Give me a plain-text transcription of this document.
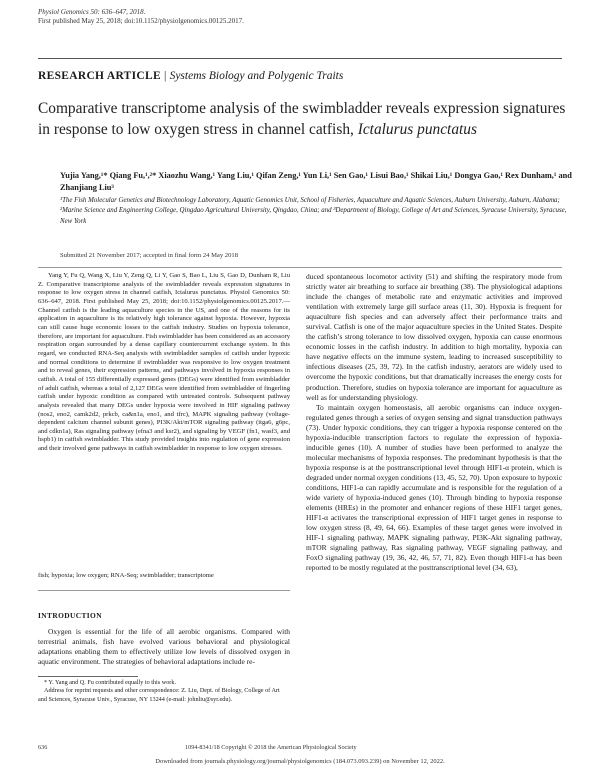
Physiol Genomics 50: 636–647, 2018.
First published May 25, 2018; doi:10.1152/physiolgenomics.00125.2017.
RESEARCH ARTICLE | Systems Biology and Polygenic Traits
Comparative transcriptome analysis of the swimbladder reveals expression signatures in response to low oxygen stress in channel catfish, Ictalurus punctatus
Yujia Yang,¹* Qiang Fu,¹,²* Xiaozhu Wang,¹ Yang Liu,¹ Qifan Zeng,¹ Yun Li,¹ Sen Gao,¹ Lisui Bao,¹ Shikai Liu,¹ Dongya Gao,¹ Rex Dunham,¹ and Zhanjiang Liu³
¹The Fish Molecular Genetics and Biotechnology Laboratory, Aquatic Genomics Unit, School of Fisheries, Aquaculture and Aquatic Sciences, Auburn University, Auburn, Alabama; ²Marine Science and Engineering College, Qingdao Agricultural University, Qingdao, China; and ³Department of Biology, College of Art and Sciences, Syracuse University, Syracuse, New York
Submitted 21 November 2017; accepted in final form 24 May 2018
Yang Y, Fu Q, Wang X, Liu Y, Zeng Q, Li Y, Gao S, Bao L, Liu S, Gao D, Dunham R, Liu Z. Comparative transcriptome analysis of the swimbladder reveals expression signatures in response to low oxygen stress in channel catfish, Ictalurus punctatus. Physiol Genomics 50: 636–647, 2018. First published May 25, 2018; doi:10.1152/physiolgenomics.00125.2017.—Channel catfish is the leading aquaculture species in the US, and one of the reasons for its application in aquaculture is its relatively high tolerance against hypoxia. However, hypoxia can still cause huge economic losses to the catfish industry. Studies on hypoxia tolerance, therefore, are important for aquaculture. Fish swimbladder has been considered as an accessory respiration organ surrounded by a dense capillary countercurrent exchange system. In this regard, we conducted RNA-Seq analysis with swimbladder samples of catfish under hypoxic and normal conditions to determine if swimbladder was responsive to low oxygen treatment and to reveal genes, their expression patterns, and pathways involved in hypoxia responses in catfish. A total of 155 differentially expressed genes (DEGs) were identified from swimbladder of adult catfish, whereas a total of 2,127 DEGs were identified from swimbladder of fingerling catfish under hypoxic condition as compared with untreated controls. Subsequent pathway analysis revealed that many DEGs under hypoxia were involved in HIF signaling pathway (nos2, eno2, camk2d2, prkcb, ca&n1a, eno1, and tfrc), MAPK signaling pathway (voltage-dependent calcium channel subunit genes), PI3K/Akt/mTOR signaling pathway (itga6, g6pc, and cdkn1a), Ras signaling pathway (efna3 and ksr2), and signaling by VEGF (fn1, wasf3, and hspb1) in catfish swimbladder. This study provided insights into regulation of gene expression and their involved gene pathways in catfish swimbladder in response to low oxygen stresses.
fish; hypoxia; low oxygen; RNA-Seq; swimbladder; transcriptome
INTRODUCTION
Oxygen is essential for the life of all aerobic organisms. Compared with terrestrial animals, fish have evolved various behavioral and physiological adaptations enabling them to effectively utilize low levels of dissolved oxygen in aquatic environment. The strategies of behavioral adaptations include re-
* Y. Yang and Q. Fu contributed equally to this work.
Address for reprint requests and other correspondence: Z. Liu, Dept. of Biology, College of Art and Sciences, Syracuse Univ., Syracuse, NY 13244 (e-mail: johnliu@syr.edu).

duced spontaneous locomotor activity (51) and shifting the respiratory mode from strictly water air breathing to surface air breathing (38). The physiological adaptions include the changes of metabolic rate and enzymatic activities and improved ventilation with extremely large gill surface areas (11, 30). Hypoxia is frequent for aquaculture fish species and can adversely affect their performance traits and survival. Catfish is one of the major aquaculture species in the United States. Despite the catfish’s strong tolerance to low dissolved oxygen, hypoxia can cause enormous economic losses in the catfish industry. In addition to high mortality, hypoxia can have negative effects on the immune system, leading to increased susceptibility to infectious diseases (25, 39, 72). In the catfish industry, aerators are widely used to overcome the hypoxic conditions, but that dramatically increases the energy costs for production. Therefore, studies on hypoxia tolerance are important for aquaculture as well as for understanding physiology.

To maintain oxygen homeostasis, all aerobic organisms can induce oxygen-regulated genes through a series of oxygen sensing and signal transduction pathways (73). Under hypoxic conditions, they can trigger a hypoxia response centered on the hypoxia-inducible transcription factors to regulate the expression of hypoxia-inducible genes (10). A number of studies have been performed to analyze the molecular mechanisms of hypoxia responses. The predominant hypothesis is that the hypoxia response is at the posttranscriptional level through HIF1-α protein, which is degraded under normal oxygen conditions (13, 45, 52, 70). Upon exposure to hypoxic conditions, HIF1-α can rapidly accumulate and is responsible for the regulation of a wide variety of hypoxia-induced genes (10). Through binding to hypoxia response elements (HREs) in the promoter and enhancer regions of these HIF1 target genes, HIF1-α activates the transcriptional expression of HIF1 target genes in response to low oxygen stress (8, 49, 64, 66). Examples of these target genes were involved in HIF-1 signaling pathway, MAPK signaling pathway, PI3K-Akt signaling pathway, mTOR signaling pathway, Ras signaling pathway, VEGF signaling pathway, and FoxO signaling pathway (19, 36, 42, 46, 57, 71, 82). Even though HIF1-α has been reported to be mostly regulated at the posttranscriptional level (34, 63),

636	1094-8341/18 Copyright © 2018 the American Physiological Society
Downloaded from journals.physiology.org/journal/physiolgenomics (184.073.093.239) on November 12, 2022.
